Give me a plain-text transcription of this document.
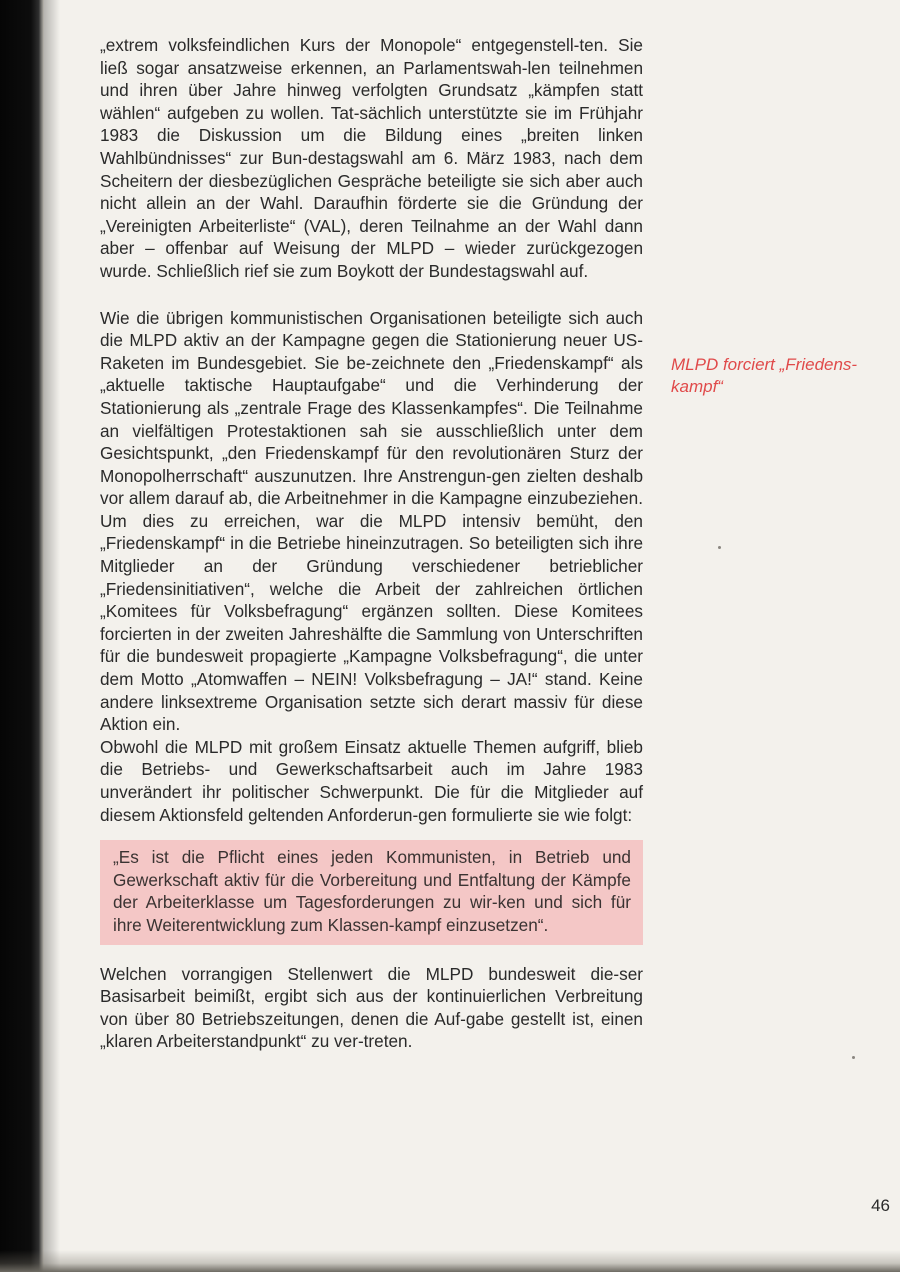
„extrem volksfeindlichen Kurs der Monopole“ entgegenstell-ten. Sie ließ sogar ansatzweise erkennen, an Parlamentswah-len teilnehmen und ihren über Jahre hinweg verfolgten Grundsatz „kämpfen statt wählen“ aufgeben zu wollen. Tat-sächlich unterstützte sie im Frühjahr 1983 die Diskussion um die Bildung eines „breiten linken Wahlbündnisses“ zur Bun-destagswahl am 6. März 1983, nach dem Scheitern der diesbezüglichen Gespräche beteiligte sie sich aber auch nicht allein an der Wahl. Daraufhin förderte sie die Gründung der „Vereinigten Arbeiterliste“ (VAL), deren Teilnahme an der Wahl dann aber – offenbar auf Weisung der MLPD – wieder zurückgezogen wurde. Schließlich rief sie zum Boykott der Bundestagswahl auf.

Wie die übrigen kommunistischen Organisationen beteiligte sich auch die MLPD aktiv an der Kampagne gegen die Stationierung neuer US-Raketen im Bundesgebiet. Sie be-zeichnete den „Friedenskampf“ als „aktuelle taktische Hauptaufgabe“ und die Verhinderung der Stationierung als „zentrale Frage des Klassenkampfes“. Die Teilnahme an vielfältigen Protestaktionen sah sie ausschließlich unter dem Gesichtspunkt, „den Friedenskampf für den revolutionären Sturz der Monopolherrschaft“ auszunutzen. Ihre Anstrengun-gen zielten deshalb vor allem darauf ab, die Arbeitnehmer in die Kampagne einzubeziehen. Um dies zu erreichen, war die MLPD intensiv bemüht, den „Friedenskampf“ in die Betriebe hineinzutragen. So beteiligten sich ihre Mitglieder an der Gründung verschiedener betrieblicher „Friedensinitiativen“, welche die Arbeit der zahlreichen örtlichen „Komitees für Volksbefragung“ ergänzen sollten. Diese Komitees forcierten in der zweiten Jahreshälfte die Sammlung von Unterschriften für die bundesweit propagierte „Kampagne Volksbefragung“, die unter dem Motto „Atomwaffen – NEIN! Volksbefragung – JA!“ stand. Keine andere linksextreme Organisation setzte sich derart massiv für diese Aktion ein.

Obwohl die MLPD mit großem Einsatz aktuelle Themen aufgriff, blieb die Betriebs- und Gewerkschaftsarbeit auch im Jahre 1983 unverändert ihr politischer Schwerpunkt. Die für die Mitglieder auf diesem Aktionsfeld geltenden Anforderun-gen formulierte sie wie folgt:

„Es ist die Pflicht eines jeden Kommunisten, in Betrieb und Gewerkschaft aktiv für die Vorbereitung und Entfaltung der Kämpfe der Arbeiterklasse um Tagesforderungen zu wir-ken und sich für ihre Weiterentwicklung zum Klassen-kampf einzusetzen“.

Welchen vorrangigen Stellenwert die MLPD bundesweit die-ser Basisarbeit beimißt, ergibt sich aus der kontinuierlichen Verbreitung von über 80 Betriebszeitungen, denen die Auf-gabe gestellt ist, einen „klaren Arbeiterstandpunkt“ zu ver-treten.

MLPD forciert „Friedens-kampf“
46
